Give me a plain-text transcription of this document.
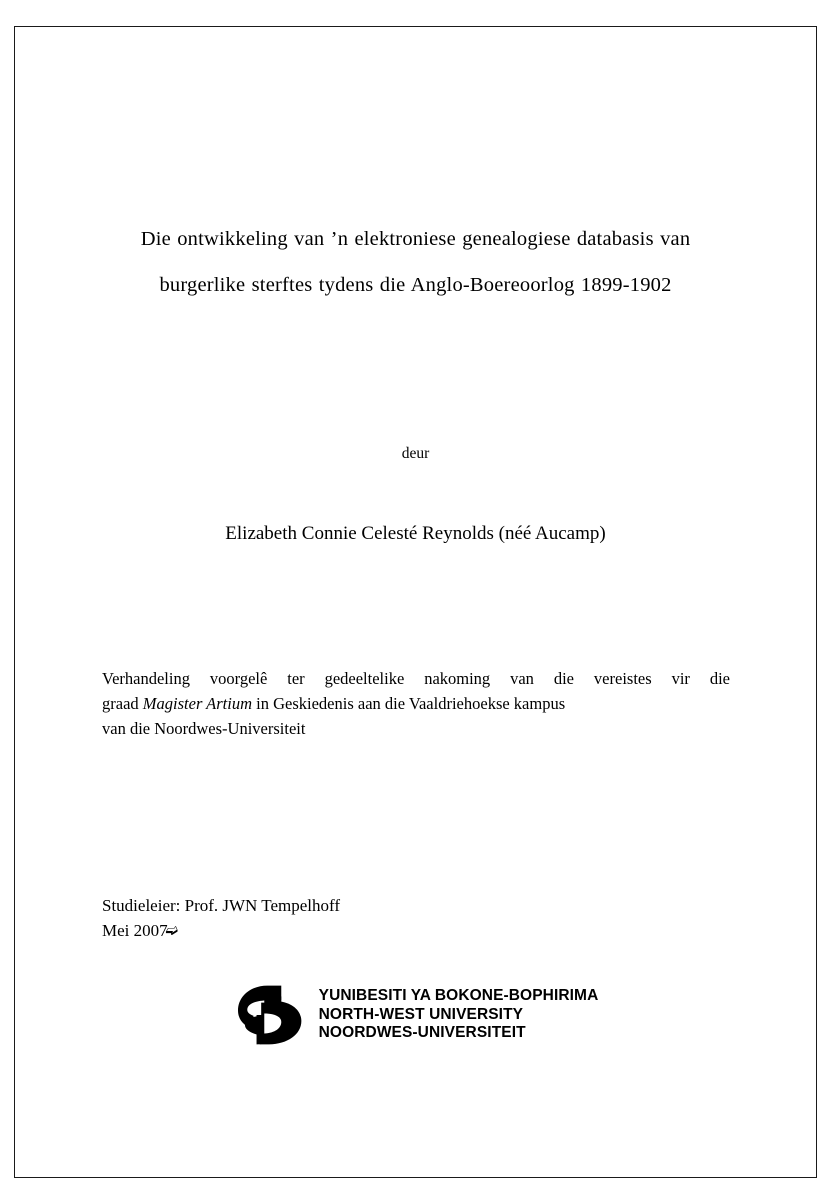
Die ontwikkeling van ’n elektroniese genealogiese databasis van
burgerlike sterftes tydens die Anglo-Boereoorlog 1899-1902
deur
Elizabeth Connie Celesté Reynolds (néé Aucamp)
Verhandeling voorgelê ter gedeeltelike nakoming van die vereistes vir die
graad Magister Artium in Geskiedenis aan die Vaaldriehoekse kampus
van die Noordwes-Universiteit
Studieleier: Prof. JWN Tempelhoff
Mei 2007➫
YUNIBESITI YA BOKONE-BOPHIRIMA
NORTH-WEST UNIVERSITY
NOORDWES-UNIVERSITEIT
